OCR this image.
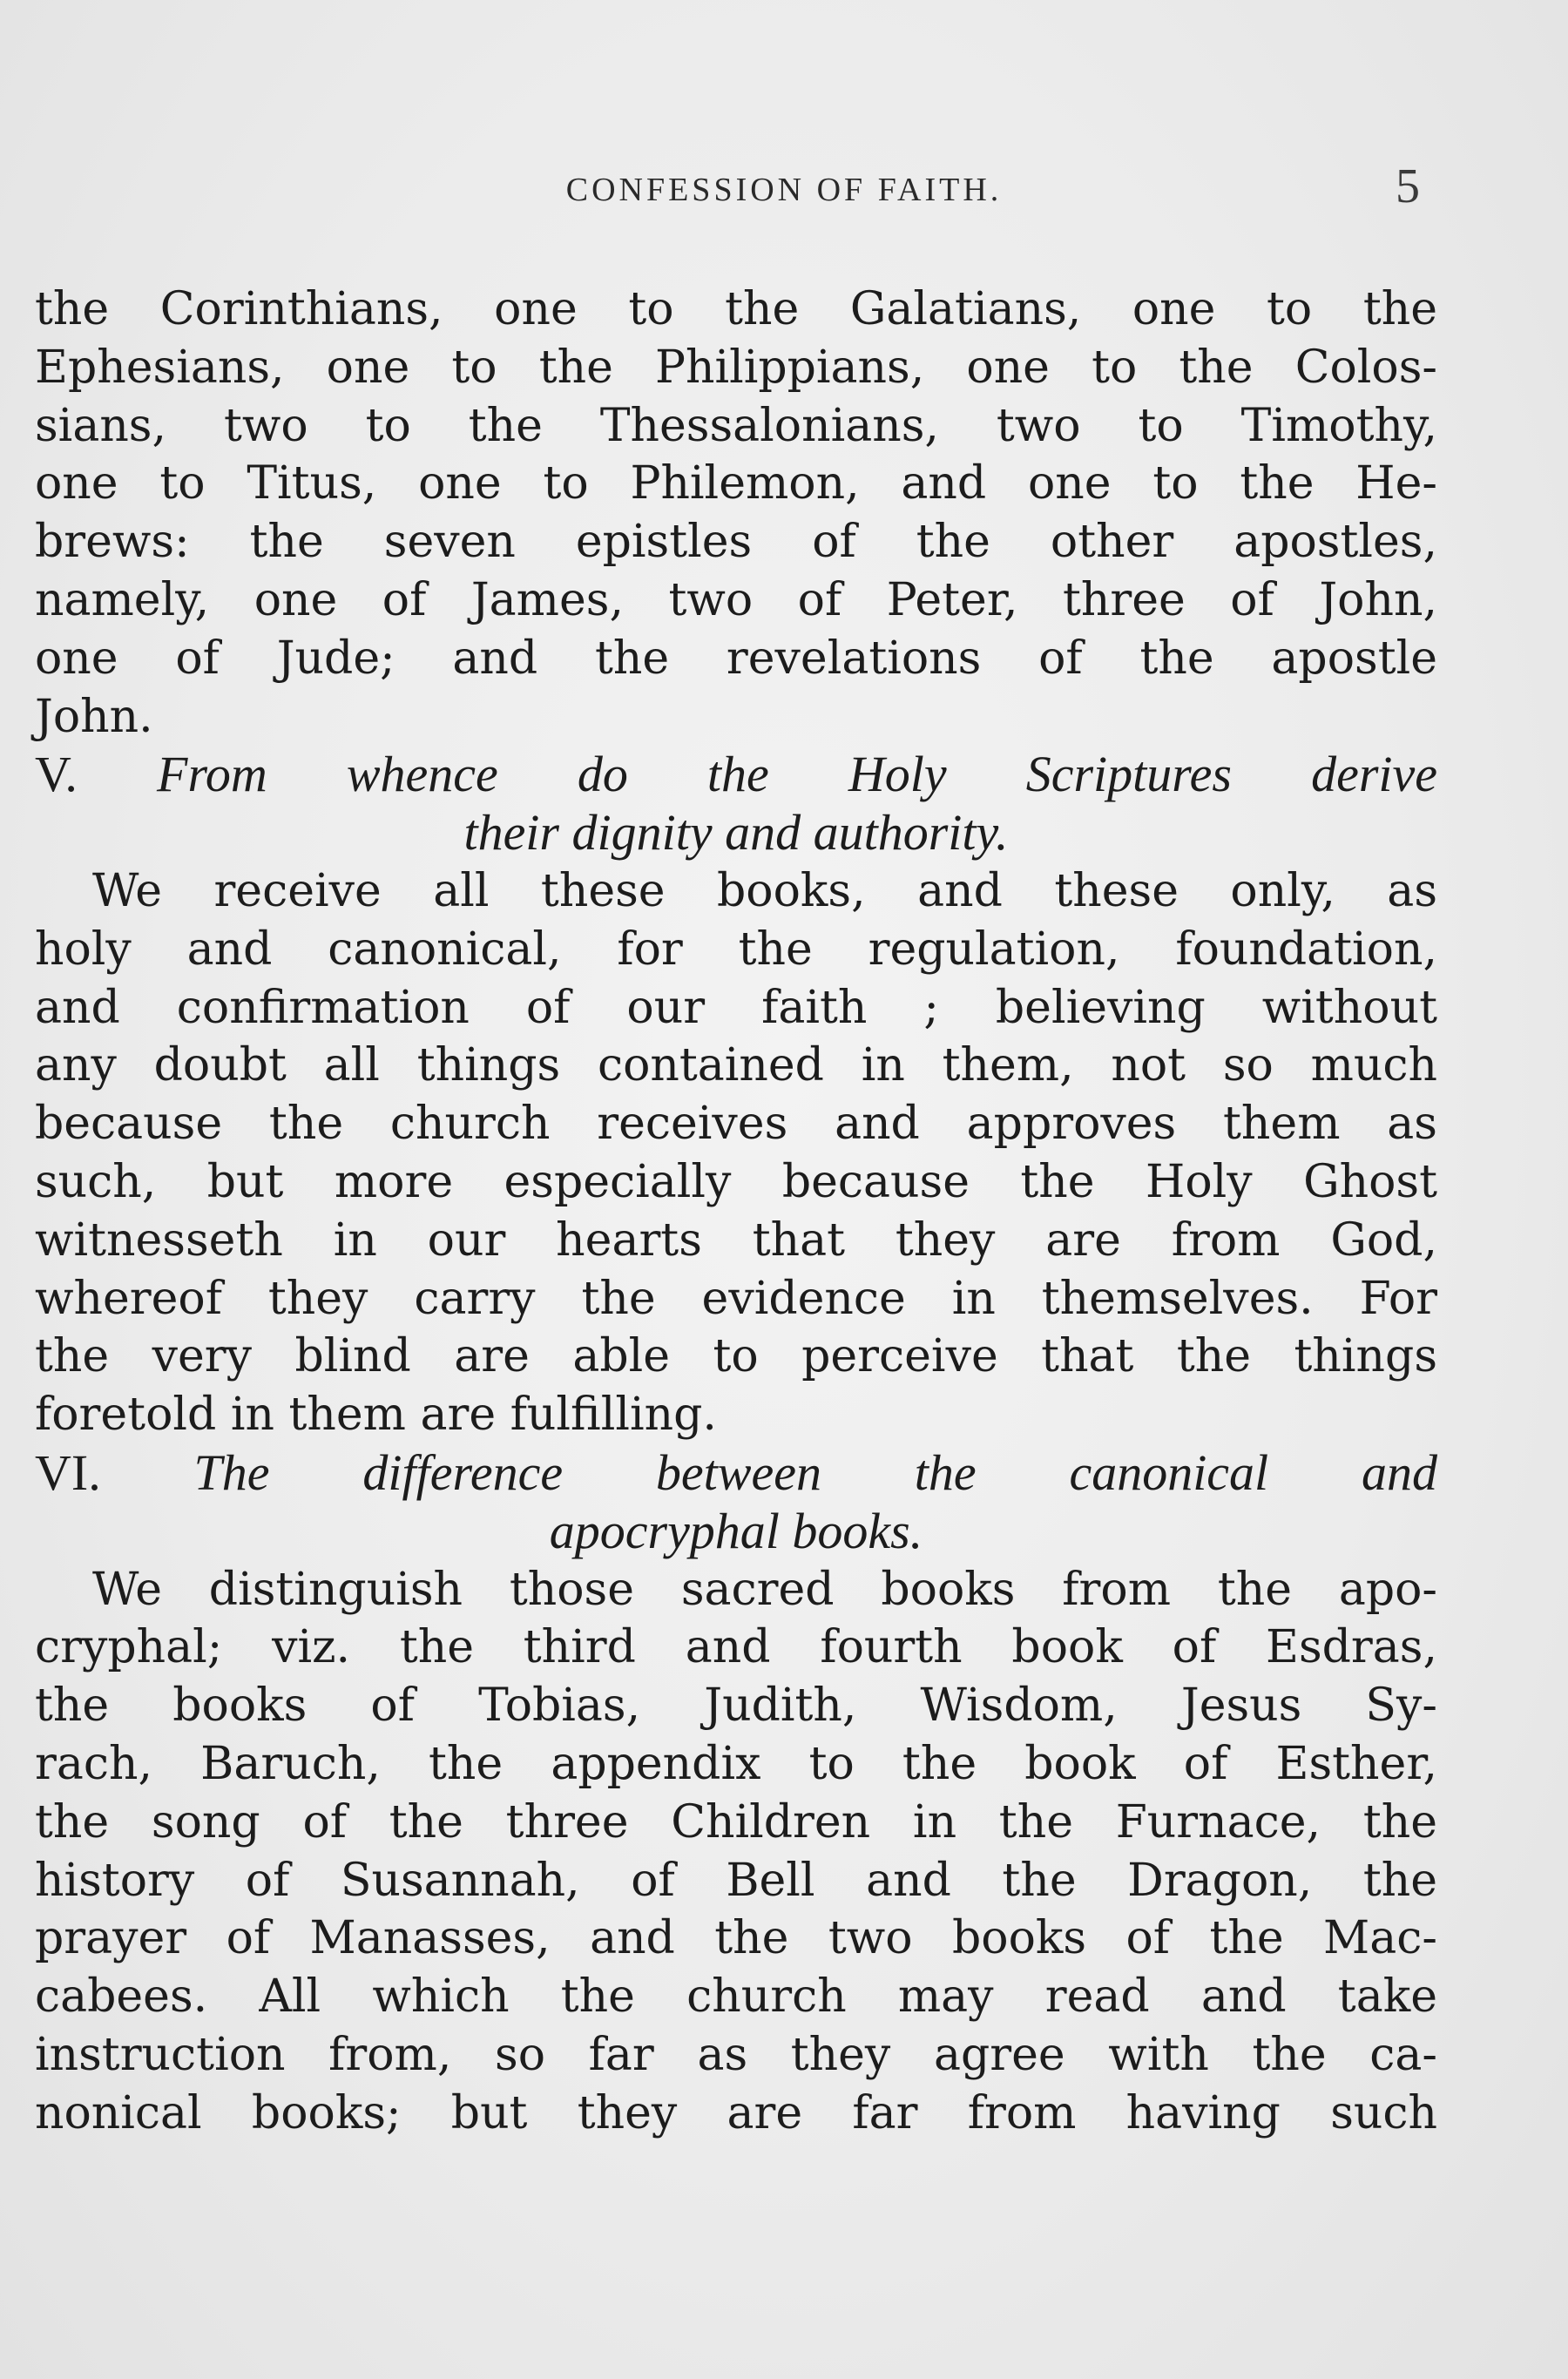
CONFESSION OF FAITH.	5
the Corinthians, one to the Galatians, one to the
Ephesians, one to the Philippians, one to the Colos-
sians, two to the Thessalonians, two to Timothy,
one to Titus, one to Philemon, and one to the He-
brews: the seven epistles of the other apostles,
namely, one of James, two of Peter, three of John,
one of Jude; and the revelations of the apostle
John.
V. From whence do the Holy Scriptures derive
their dignity and authority.
We receive all these books, and these only, as
holy and canonical, for the regulation, foundation,
and confirmation of our faith ; believing without
any doubt all things contained in them, not so much
because the church receives and approves them as
such, but more especially because the Holy Ghost
witnesseth in our hearts that they are from God,
whereof they carry the evidence in themselves. For
the very blind are able to perceive that the things
foretold in them are fulfilling.
VI. The difference between the canonical and
apocryphal books.
We distinguish those sacred books from the apo-
cryphal; viz. the third and fourth book of Esdras,
the books of Tobias, Judith, Wisdom, Jesus Sy-
rach, Baruch, the appendix to the book of Esther,
the song of the three Children in the Furnace, the
history of Susannah, of Bell and the Dragon, the
prayer of Manasses, and the two books of the Mac-
cabees. All which the church may read and take
instruction from, so far as they agree with the ca-
nonical books; but they are far from having such
